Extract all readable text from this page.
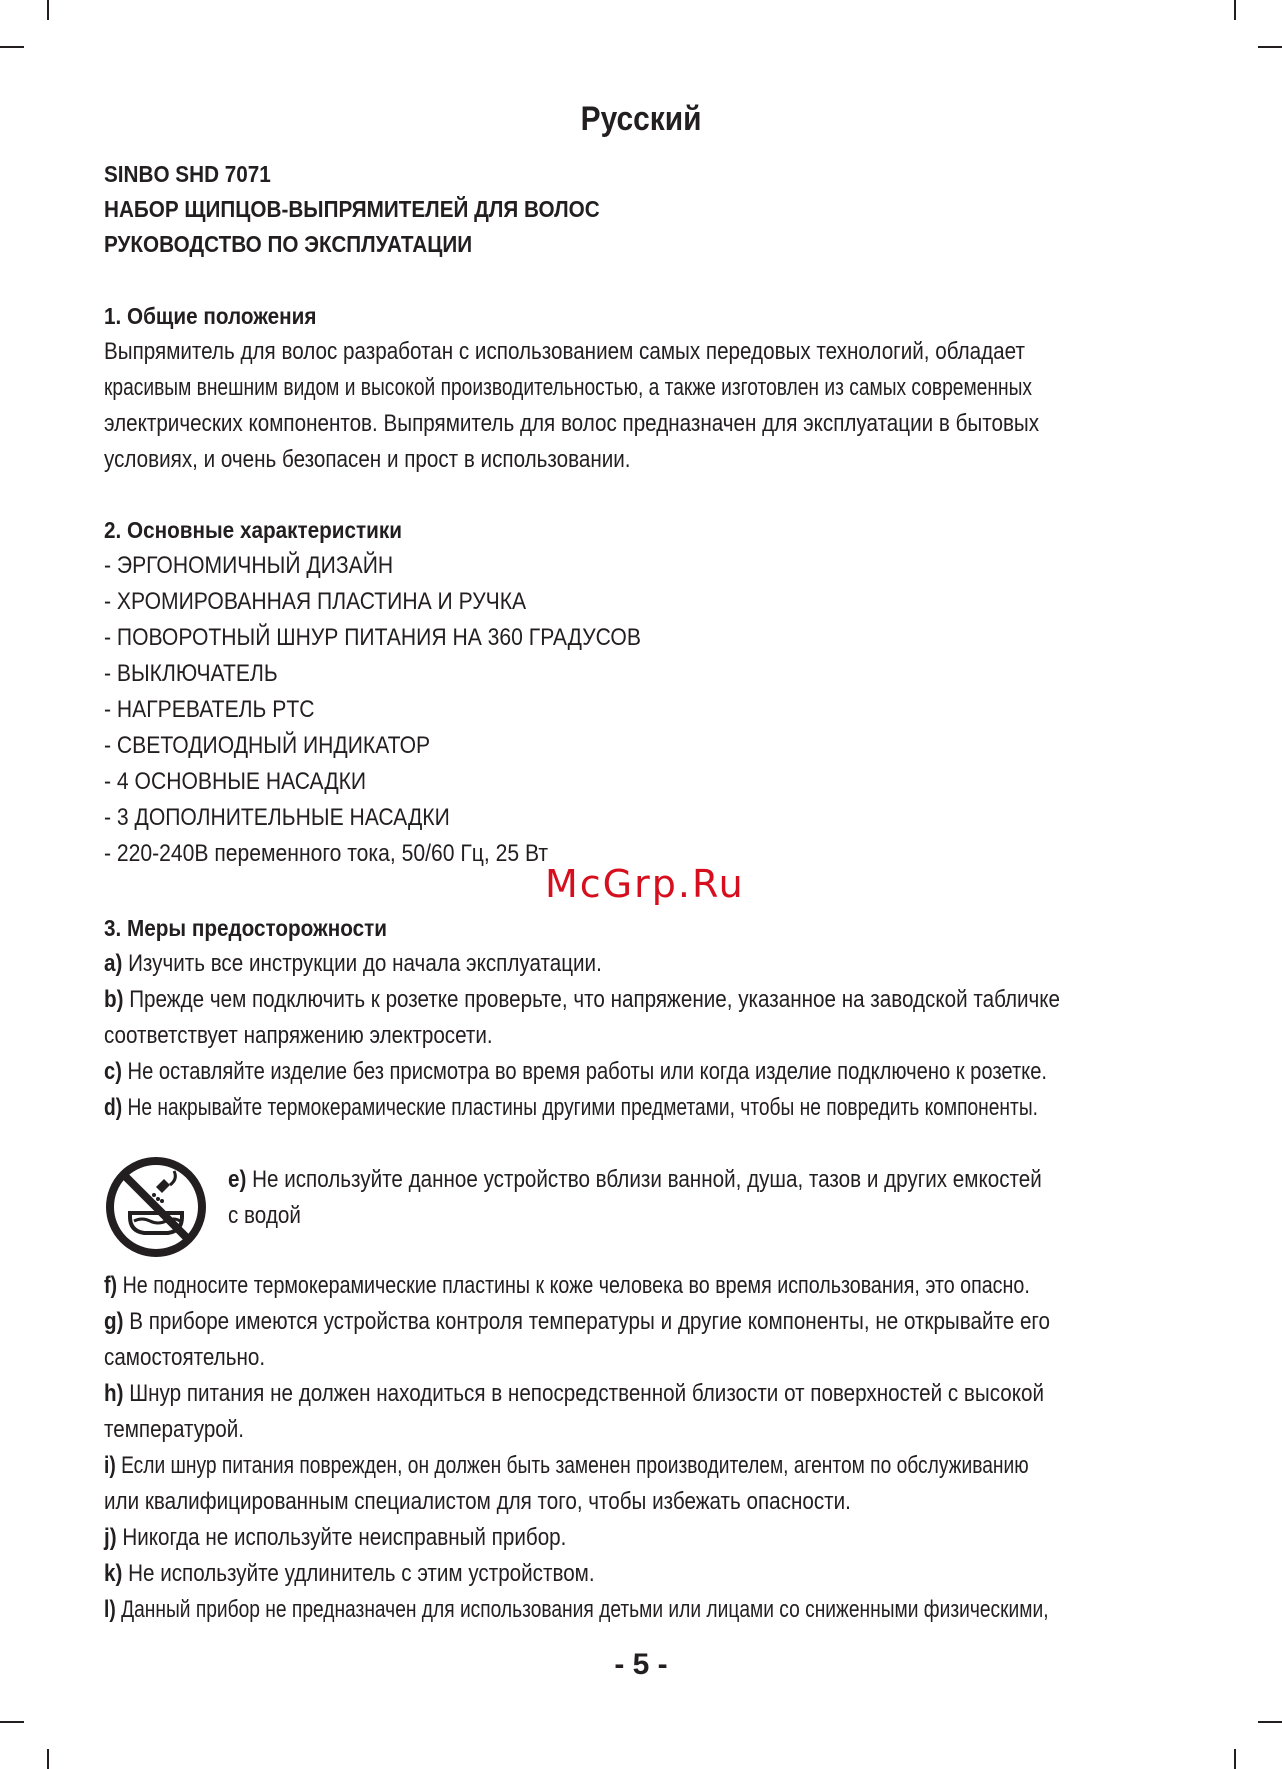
Русский
SINBO SHD 7071
НАБОР ЩИПЦОВ-ВЫПРЯМИТЕЛЕЙ ДЛЯ ВОЛОС
РУКОВОДСТВО ПО ЭКСПЛУАТАЦИИ
1. Общие положения
Выпрямитель для волос разработан с использованием самых передовых технологий, обладает
красивым внешним видом и высокой производительностью, а также изготовлен из самых современных
электрических компонентов. Выпрямитель для волос предназначен для эксплуатации в бытовых
условиях, и очень безопасен и прост в использовании.
2. Основные характеристики
- ЭРГОНОМИЧНЫЙ ДИЗАЙН
- ХРОМИРОВАННАЯ ПЛАСТИНА И РУЧКА
- ПОВОРОТНЫЙ ШНУР ПИТАНИЯ НА 360 ГРАДУСОВ
- ВЫКЛЮЧАТЕЛЬ
- НАГРЕВАТЕЛЬ PTC
- СВЕТОДИОДНЫЙ ИНДИКАТОР
- 4 ОСНОВНЫЕ НАСАДКИ
- 3 ДОПОЛНИТЕЛЬНЫЕ НАСАДКИ
- 220-240В переменного тока, 50/60 Гц, 25 Вт
McGrp.Ru
3. Меры предосторожности
a) Изучить все инструкции до начала эксплуатации.
b) Прежде чем подключить к розетке проверьте, что напряжение, указанное на заводской табличке
соответствует напряжению электросети.
c) Не оставляйте изделие без присмотра во время работы или когда изделие подключено к розетке.
d) Не накрывайте термокерамические пластины другими предметами, чтобы не повредить компоненты.
e) Не используйте данное устройство вблизи ванной, душа, тазов и других емкостей
с водой
f) Не подносите термокерамические пластины к коже человека во время использования, это опасно.
g) В приборе имеются устройства контроля температуры и другие компоненты, не открывайте его
самостоятельно.
h) Шнур питания не должен находиться в непосредственной близости от поверхностей с высокой
температурой.
i) Если шнур питания поврежден, он должен быть заменен производителем, агентом по обслуживанию
или квалифицированным специалистом для того, чтобы избежать опасности.
j) Никогда не используйте неисправный прибор.
k) Не используйте удлинитель с этим устройством.
l) Данный прибор не предназначен для использования детьми или лицами со сниженными физическими,
- 5 -
